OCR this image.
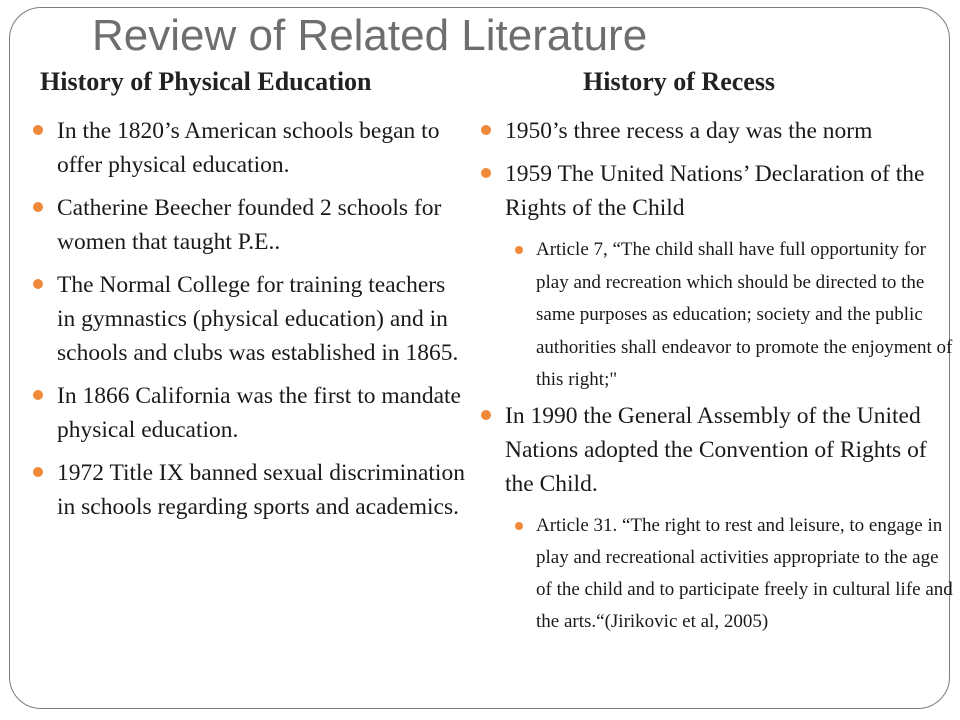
Review of Related Literature
History of Physical Education	History of Recess
In the 1820’s American schools began to offer physical education.
Catherine Beecher founded 2 schools for women that taught P.E..
The Normal College for training teachers in gymnastics (physical education) and in schools and clubs was established in 1865.
In 1866 California was the first to mandate physical education.
1972 Title IX banned sexual discrimination in schools regarding sports and academics.
1950’s three recess a day was the norm
1959 The United Nations’ Declaration of the Rights of the Child
Article 7, “The child shall have full opportunity for play and recreation which should be directed to the same purposes as education; society and the public authorities shall endeavor to promote the enjoyment of this right;"
In 1990 the General Assembly of the United Nations adopted the Convention of Rights of the Child.
Article 31. “The right to rest and leisure, to engage in play and recreational activities appropriate to the age of the child and to participate freely in cultural life and the arts.“(Jirikovic et al, 2005)
